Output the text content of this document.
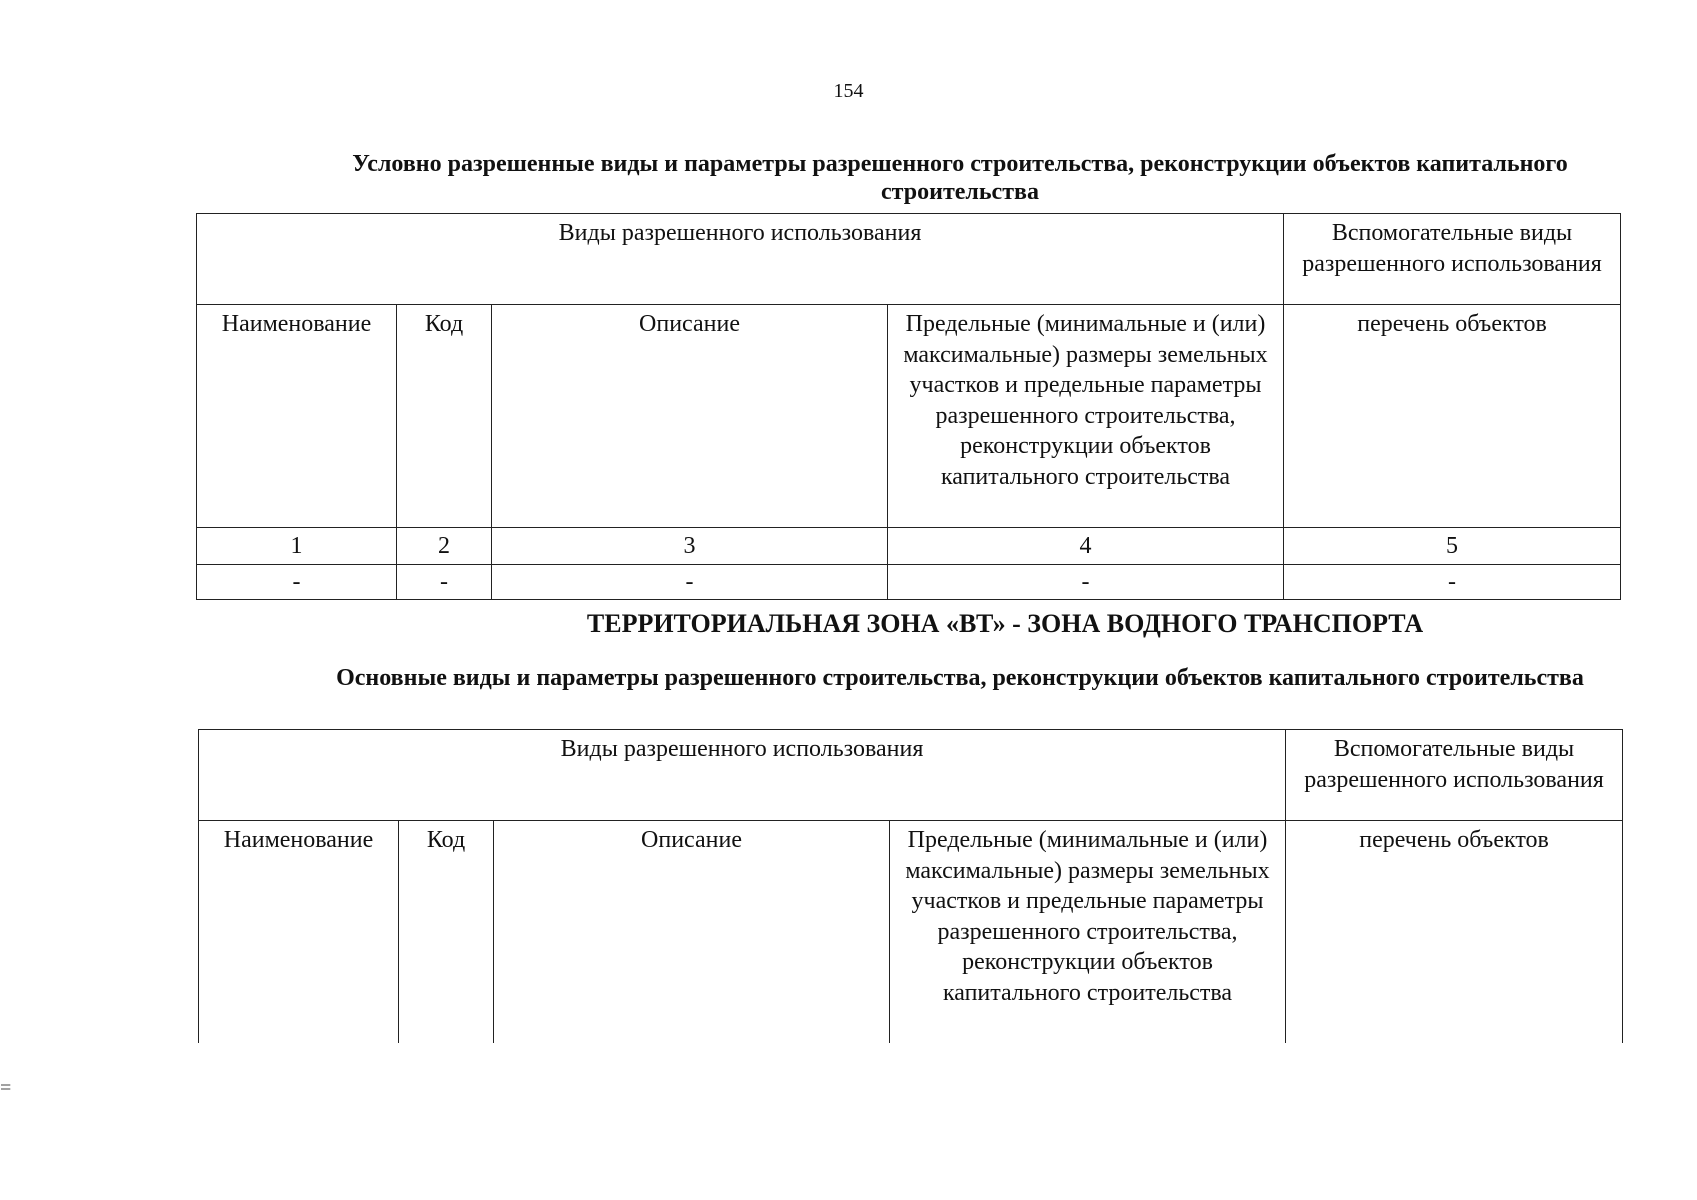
154
Условно разрешенные виды и параметры разрешенного строительства, реконструкции объектов капитального строительства
Виды разрешенного использования				Вспомогательные виды разрешенного использования
Наименование	Код	Описание	Предельные (минимальные и (или) максимальные) размеры земельных участков и предельные параметры разрешенного строительства, реконструкции объектов капитального строительства	перечень объектов
1	2	3	4	5
-	-	-	-	-
ТЕРРИТОРИАЛЬНАЯ ЗОНА «ВТ» - ЗОНА ВОДНОГО ТРАНСПОРТА
Основные виды и параметры разрешенного строительства, реконструкции объектов капитального строительства
Виды разрешенного использования				Вспомогательные виды разрешенного использования
Наименование	Код	Описание	Предельные (минимальные и (или) максимальные) размеры земельных участков и предельные параметры разрешенного строительства, реконструкции объектов капитального строительства	перечень объектов
=
